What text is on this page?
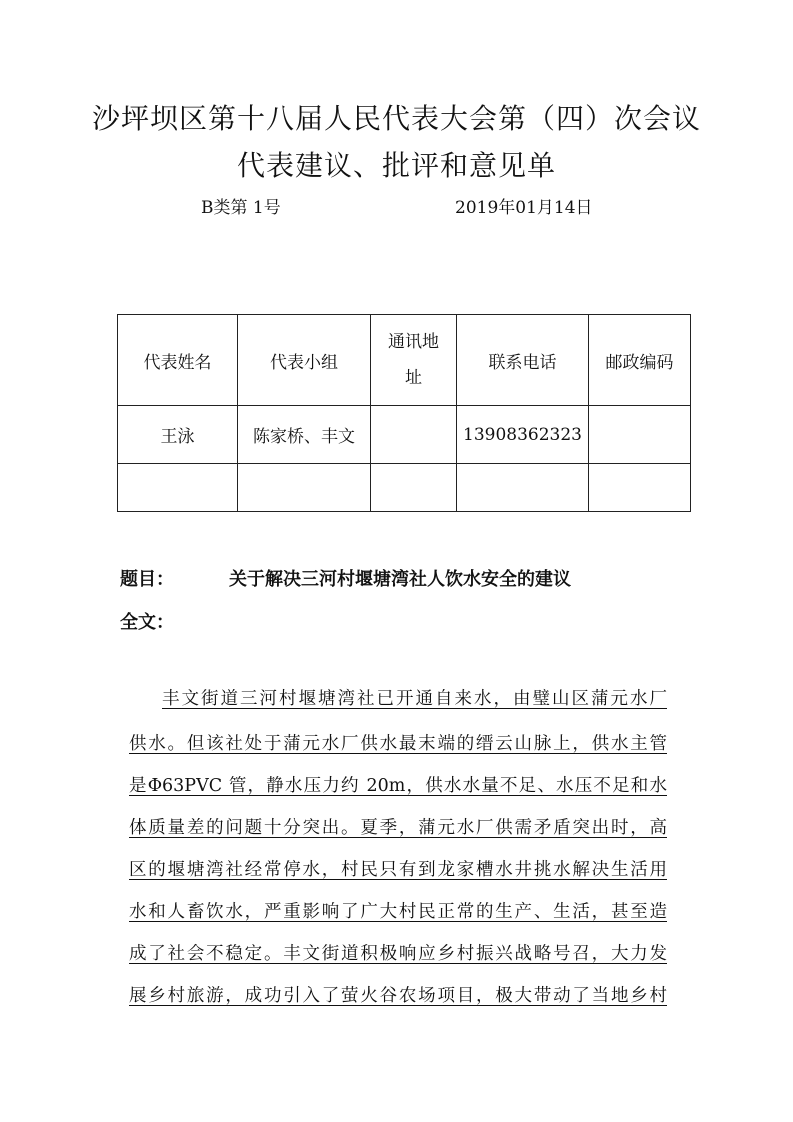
沙坪坝区第十八届人民代表大会第（四）次会议
代表建议、批评和意见单
B类第 1号	2019年01月14日
代表姓名	代表小组	通讯地址	联系电话	邮政编码
王泳	陈家桥、丰文		13908362323	

题目：	关于解决三河村堰塘湾社人饮水安全的建议
全文：
丰文街道三河村堰塘湾社已开通自来水，由璧山区蒲元水厂
供水。但该社处于蒲元水厂供水最末端的缙云山脉上，供水主管
是Φ63PVC 管，静水压力约 20m，供水水量不足、水压不足和水
体质量差的问题十分突出。夏季，蒲元水厂供需矛盾突出时，高
区的堰塘湾社经常停水，村民只有到龙家槽水井挑水解决生活用
水和人畜饮水，严重影响了广大村民正常的生产、生活，甚至造
成了社会不稳定。丰文街道积极响应乡村振兴战略号召，大力发
展乡村旅游，成功引入了萤火谷农场项目，极大带动了当地乡村
